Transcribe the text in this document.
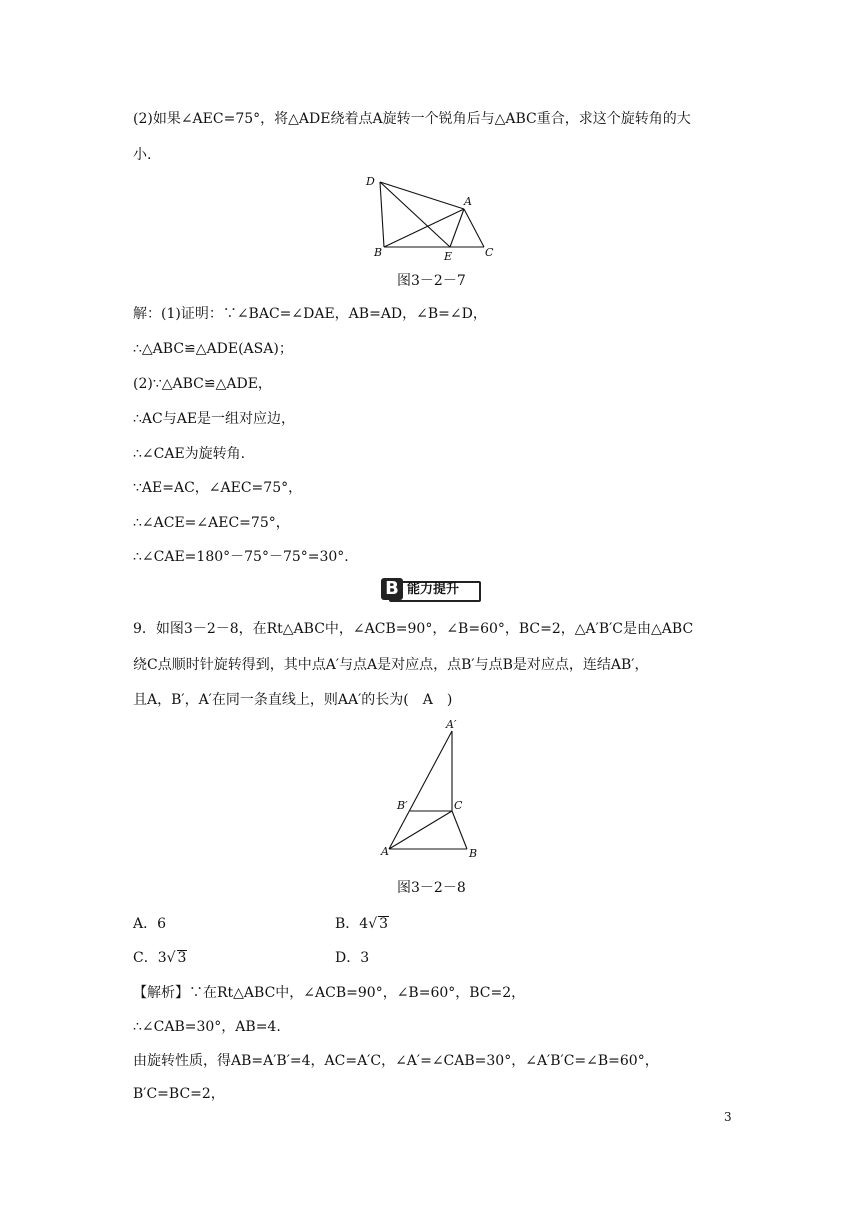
(2)如果∠AEC=75°，将△ADE绕着点A旋转一个锐角后与△ABC重合，求这个旋转角的大
小.
D
A
B	E	C
图3－2－7
解：(1)证明：∵∠BAC=∠DAE，AB=AD，∠B=∠D，
∴△ABC≌△ADE(ASA)；
(2)∵△ABC≌△ADE，
∴AC与AE是一组对应边，
∴∠CAE为旋转角.
∵AE=AC，∠AEC=75°，
∴∠ACE=∠AEC=75°，
∴∠CAE=180°－75°－75°=30°.
B 能力提升
9．如图3－2－8，在Rt△ABC中，∠ACB=90°，∠B=60°，BC=2，△A′B′C是由△ABC
绕C点顺时针旋转得到，其中点A′与点A是对应点，点B′与点B是对应点，连结AB′，
且A，B′，A′在同一条直线上，则AA′的长为(　A　)
A′
B′	C
A	B
图3－2－8
A．6	B．4√ 3
C．3√ 3	D．3
【解析】∵在Rt△ABC中，∠ACB=90°，∠B=60°，BC=2，
∴∠CAB=30°，AB=4.
由旋转性质，得AB=A′B′=4，AC=A′C，∠A′=∠CAB=30°，∠A′B′C=∠B=60°，
B′C=BC=2，
3
